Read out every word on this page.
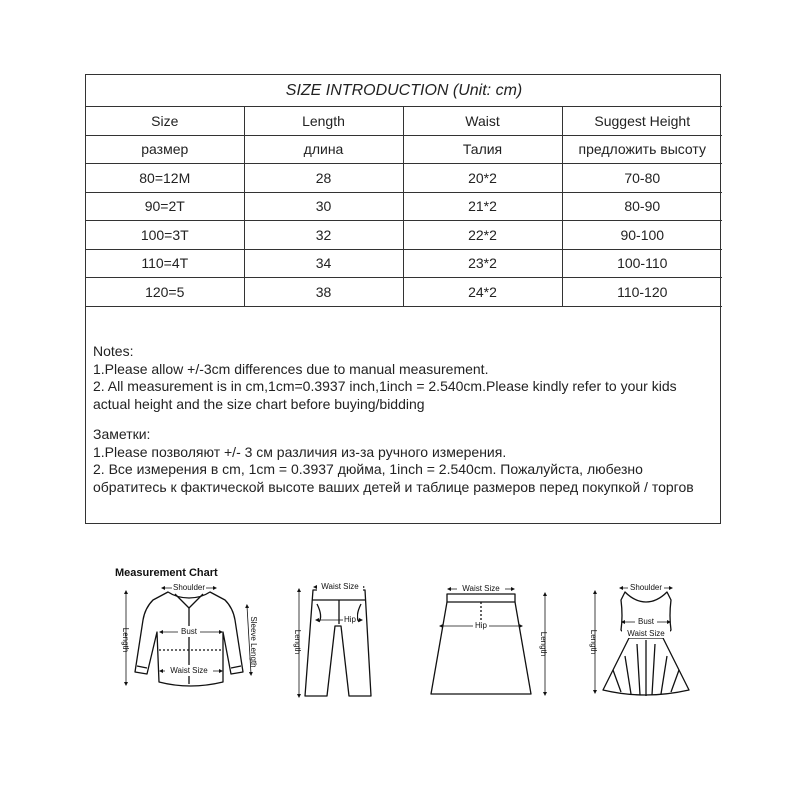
SIZE INTRODUCTION (Unit: cm)			
Size	Length	Waist	Suggest Height
размер	длина	Талия	предложить высоту
80=12M	28	20*2	70-80
90=2T	30	21*2	80-90
100=3T	32	22*2	90-100
110=4T	34	23*2	100-110
120=5	38	24*2	110-120

Notes:

1.Please allow +/-3cm differences due to manual measurement.

2. All measurement is in cm,1cm=0.3937 inch,1inch = 2.540cm.Please kindly refer to your kids actual height and the size chart before buying/bidding

Заметки:

1.Please позволяют +/- 3 см различия из-за ручного измерения.

2. Все измерения в cm, 1cm = 0.3937 дюйма, 1inch = 2.540cm. Пожалуйста, любезно обратитесь к фактической высоте ваших детей и таблице размеров перед покупкой / торгов

Measurement Chart
Shoulder
Bust
Waist Size
Length	Sleeve Length
Waist Size
Hip
Length
Waist Size
Hip
Length
Shoulder
Bust
Waist Size
Length
